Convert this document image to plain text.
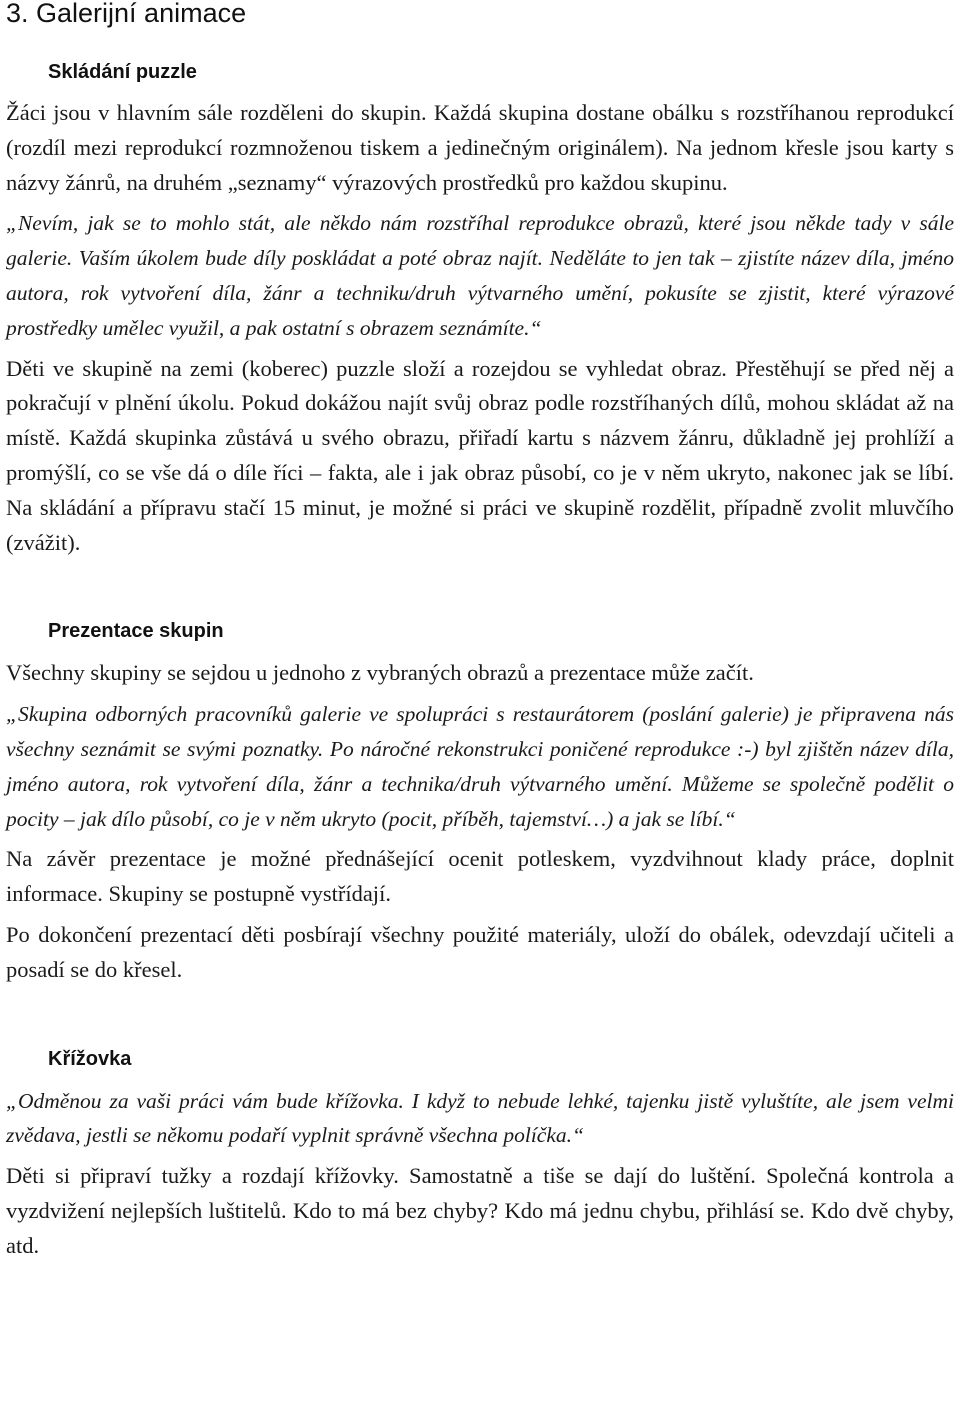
3. Galerijní animace
Skládání puzzle

Žáci jsou v hlavním sále rozděleni do skupin. Každá skupina dostane obálku s rozstříhanou reprodukcí (rozdíl mezi reprodukcí rozmnoženou tiskem a jedinečným originálem). Na jednom křesle jsou karty s názvy žánrů, na druhém „seznamy“ výrazových prostředků pro každou skupinu.

„Nevím, jak se to mohlo stát, ale někdo nám rozstříhal reprodukce obrazů, které jsou někde tady v sále galerie. Vaším úkolem bude díly poskládat a poté obraz najít. Neděláte to jen tak – zjistíte název díla, jméno autora, rok vytvoření díla, žánr a techniku/druh výtvarného umění, pokusíte se zjistit, které výrazové prostředky umělec využil, a pak ostatní s obrazem seznámíte.“

Děti ve skupině na zemi (koberec) puzzle složí a rozejdou se vyhledat obraz. Přestěhují se před něj a pokračují v plnění úkolu. Pokud dokážou najít svůj obraz podle rozstříhaných dílů, mohou skládat až na místě. Každá skupinka zůstává u svého obrazu, přiřadí kartu s názvem žánru, důkladně jej prohlíží a promýšlí, co se vše dá o díle říci – fakta, ale i jak obraz působí, co je v něm ukryto, nakonec jak se líbí. Na skládání a přípravu stačí 15 minut, je možné si práci ve skupině rozdělit, případně zvolit mluvčího (zvážit).

Prezentace skupin

Všechny skupiny se sejdou u jednoho z vybraných obrazů a prezentace může začít.

„Skupina odborných pracovníků galerie ve spolupráci s restaurátorem (poslání galerie) je připravena nás všechny seznámit se svými poznatky. Po náročné rekonstrukci poničené reprodukce :-) byl zjištěn název díla, jméno autora, rok vytvoření díla, žánr a technika/druh výtvarného umění. Můžeme se společně podělit o pocity – jak dílo působí, co je v něm ukryto (pocit, příběh, tajemství…) a jak se líbí.“

Na závěr prezentace je možné přednášející ocenit potleskem, vyzdvihnout klady práce, doplnit informace. Skupiny se postupně vystřídají.

Po dokončení prezentací děti posbírají všechny použité materiály, uloží do obálek, odevzdají učiteli a posadí se do křesel.

Křížovka

„Odměnou za vaši práci vám bude křížovka. I když to nebude lehké, tajenku jistě vyluštíte, ale jsem velmi zvědava, jestli se někomu podaří vyplnit správně všechna políčka.“

Děti si připraví tužky a rozdají křížovky. Samostatně a tiše se dají do luštění. Společná kontrola a vyzdvižení nejlepších luštitelů. Kdo to má bez chyby? Kdo má jednu chybu, přihlásí se. Kdo dvě chyby, atd.
